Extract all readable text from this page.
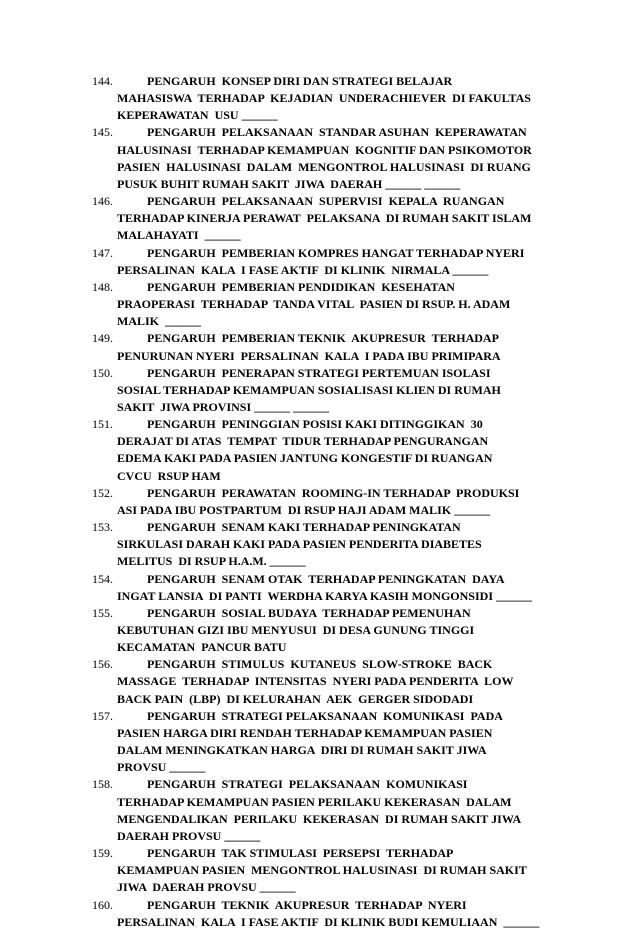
144.	PENGARUH  KONSEP DIRI DAN STRATEGI BELAJAR
MAHASISWA  TERHADAP  KEJADIAN  UNDERACHIEVER  DI FAKULTAS
KEPERAWATAN  USU ______
145.	PENGARUH  PELAKSANAAN  STANDAR ASUHAN  KEPERAWATAN
HALUSINASI  TERHADAP KEMAMPUAN  KOGNITIF DAN PSIKOMOTOR
PASIEN  HALUSINASI  DALAM  MENGONTROL HALUSINASI  DI RUANG
PUSUK BUHIT RUMAH SAKIT  JIWA  DAERAH ______ ______
146.	PENGARUH  PELAKSANAAN  SUPERVISI  KEPALA  RUANGAN
TERHADAP KINERJA PERAWAT  PELAKSANA  DI RUMAH SAKIT ISLAM
MALAHAYATI  ______
147.	PENGARUH  PEMBERIAN KOMPRES HANGAT TERHADAP NYERI
PERSALINAN  KALA  I FASE AKTIF  DI KLINIK  NIRMALA ______
148.	PENGARUH  PEMBERIAN PENDIDIKAN  KESEHATAN
PRAOPERASI  TERHADAP  TANDA VITAL  PASIEN DI RSUP. H. ADAM
MALIK  ______
149.	PENGARUH  PEMBERIAN TEKNIK  AKUPRESUR  TERHADAP
PENURUNAN NYERI  PERSALINAN  KALA  I PADA IBU PRIMIPARA
150.	PENGARUH  PENERAPAN STRATEGI PERTEMUAN ISOLASI
SOSIAL TERHADAP KEMAMPUAN SOSIALISASI KLIEN DI RUMAH
SAKIT  JIWA PROVINSI ______ ______
151.	PENGARUH  PENINGGIAN POSISI KAKI DITINGGIKAN  30
DERAJAT DI ATAS  TEMPAT  TIDUR TERHADAP PENGURANGAN
EDEMA KAKI PADA PASIEN JANTUNG KONGESTIF DI RUANGAN
CVCU  RSUP HAM
152.	PENGARUH  PERAWATAN  ROOMING-IN TERHADAP  PRODUKSI
ASI PADA IBU POSTPARTUM  DI RSUP HAJI ADAM MALIK ______
153.	PENGARUH  SENAM KAKI TERHADAP PENINGKATAN
SIRKULASI DARAH KAKI PADA PASIEN PENDERITA DIABETES
MELITUS  DI RSUP H.A.M. ______
154.	PENGARUH  SENAM OTAK  TERHADAP PENINGKATAN  DAYA
INGAT LANSIA  DI PANTI  WERDHA KARYA KASIH MONGONSIDI ______
155.	PENGARUH  SOSIAL BUDAYA  TERHADAP PEMENUHAN
KEBUTUHAN GIZI IBU MENYUSUI  DI DESA GUNUNG TINGGI
KECAMATAN  PANCUR BATU
156.	PENGARUH  STIMULUS  KUTANEUS  SLOW-STROKE  BACK
MASSAGE  TERHADAP  INTENSITAS  NYERI PADA PENDERITA  LOW
BACK PAIN  (LBP)  DI KELURAHAN  AEK  GERGER SIDODADI
157.	PENGARUH  STRATEGI PELAKSANAAN  KOMUNIKASI  PADA
PASIEN HARGA DIRI RENDAH TERHADAP KEMAMPUAN PASIEN
DALAM MENINGKATKAN HARGA  DIRI DI RUMAH SAKIT JIWA
PROVSU ______
158.	PENGARUH  STRATEGI  PELAKSANAAN  KOMUNIKASI
TERHADAP KEMAMPUAN PASIEN PERILAKU KEKERASAN  DALAM
MENGENDALIKAN  PERILAKU  KEKERASAN  DI RUMAH SAKIT JIWA
DAERAH PROVSU ______
159.	PENGARUH  TAK STIMULASI  PERSEPSI  TERHADAP
KEMAMPUAN PASIEN  MENGONTROL HALUSINASI  DI RUMAH SAKIT
JIWA  DAERAH PROVSU ______
160.	PENGARUH  TEKNIK  AKUPRESUR  TERHADAP  NYERI
PERSALINAN  KALA  I FASE AKTIF  DI KLINIK BUDI KEMULIAAN  ______
